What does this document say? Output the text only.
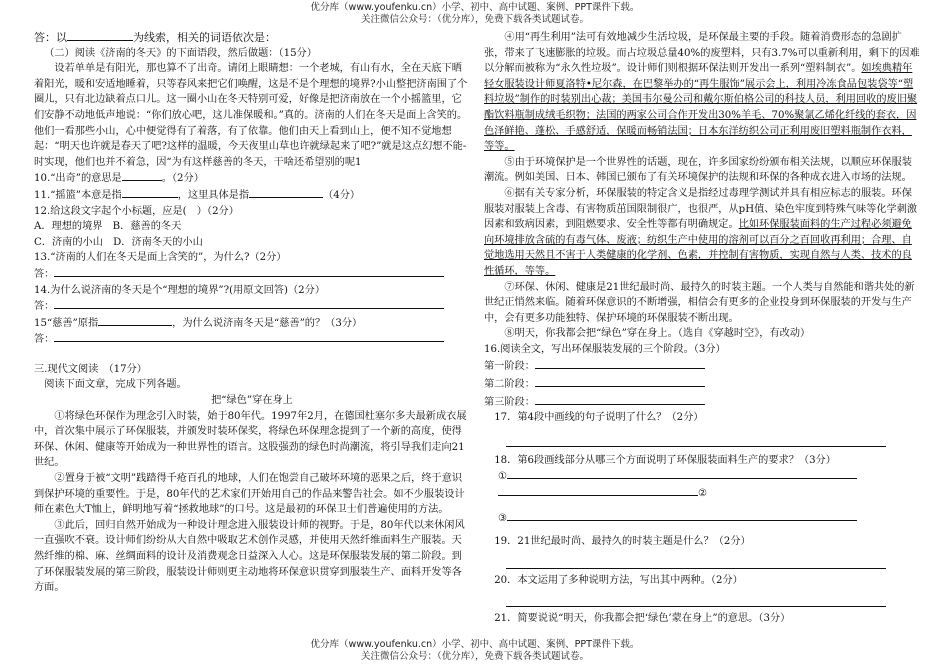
优分库（www.youfenku.cn）小学、初中、高中试题、案例、PPT课件下载。
关注微信公众号：（优分库），免费下载各类试题试卷。

答：以	为线索，相关的词语依次是：

（二）阅读《济南的冬天》的下面语段，然后做题：（15分）

设若单单是有阳光，那也算不了出奇。请闭上眼睛想：一个老城，有山有水，全在天底下晒着阳光，暖和安适地睡着，只等春风来把它们唤醒，这是不是个理想的境界?小山整把济南围了个圈儿，只有北边缺着点口儿。这一圈小山在冬天特别可爱，好像是把济南放在一个小摇篮里，它们安静不动地低声地说：“你们放心吧，这儿准保暖和。”真的。济南的人们在冬天是面上含笑的。他们一看那些小山，心中便觉得有了着落，有了依靠。他们由天上看到山上，便不知不觉地想起：“明天也许就是春天了吧?这样的温暖，今天夜里山草也许就绿起来了吧?”就是这点幻想不能-时实现，他们也并不着急，因“为有这样慈善的冬天，干啥还希望别的呢1

10.“出奇”的意思是	。（2分）

11.“摇篮”本意是指	，这里具体是指	（4分）

12.给这段文字起个小标题，应是(　）（2分）

A．理想的境界　B．慈善的冬天

C．济南的小山　D．济南冬天的小山

13.“济南的人们在冬天是面上含笑的”，为什么?（2分）

答：

14.为什么说济南的冬天是个“理想的境界”?(用原文回答)（2分）

答：

15“慈善”原指	，为什么说济南冬天是“慈善”的？（3分）

答：

三.现代文阅读　（17分）

阅读下面文章，完成下列各题。

把“绿色”穿在身上

①将绿色环保作为理念引入时装，始于80年代。1997年2月，在德国杜塞尔多夫最新成衣展中，首次集中展示了环保服装，并颁发时装环保奖，将绿色环保理念提到了一个新的高度，使得环保、休闲、健康等开始成为一种世界性的语言。这股强劲的绿色时尚潮流，将引导我们走向21世纪。

②置身于被“文明”践踏得千疮百孔的地球，人们在饱尝自己破坏环境的恶果之后，终于意识到保护环境的重要性。于是，80年代的艺术家们开始用自己的作品来警告社会。如不少服装设计师在素色大T恤上，鲜明地写着“拯救地球”的口号。这是最初的环保卫士们普遍使用的方法。

③此后，回归自然开始成为一种设计理念进入服装设计师的视野。于是，80年代以来休闲风一直强吹不衰。设计师们纷纷从大自然中吸取艺术创作灵感，并使用天然纤维面料生产服装。天然纤维的棉、麻、丝绸面料的设计及消费观念日益深入人心。这是环保服装发展的第二阶段。到了环保服装发展的第三阶段，服装设计师则更主动地将环保意识贯穿到服装生产、面料开发等各方面。

④用“再生利用”法可有效地减少生活垃圾，是环保最主要的手段。随着消费形态的急剧扩张，带来了飞速膨胀的垃圾。而占垃圾总量40%的废塑料，只有3.7%可以重新利用，剩下的因难以分解而被称为“永久性垃圾”。设计师们则根据环保法则开发出一系列“塑料制衣”。如埃典精年轻女服装设计师夏洛特•尼尔森，在巴黎举办的“再生服饰”展示会上，利用冷冻食品包装袋等“塑料垃圾”制作的时装别出心裁；美国韦尔曼公司和戴尔斯伯格公司的科技人员，利用回收的废旧聚酯饮料瓶制成绒毛织物；法国的两家公司合作开发出30%羊毛、70%聚氯乙烯化纤线的套衣，因色泽鲜艳、蓬松、手感舒适，保暖而畅销法国；日本东洋纺织公司正利用废旧塑料瓶制作衣料，等等。

⑤由于环境保护是一个世界性的话题，现在，许多国家纷纷颁布相关法规，以顺应环保服装潮流。例如美国、日本、韩国已颁布了有关环境保护的法规和环保的各种成衣进入市场的法规。

⑥据有关专家分析，环保服装的特定含义是指经过毒理学测试并具有相应标志的服装。环保服装对服装上含毒、有害物质茁国限制很广，也很严，从pH值、染色牢度到特殊气味等化学刺激因素和致病因素，到阻燃要求、安全性等都有明确规定。比如环保服装面料的生产过程必须避免向环境排放含硫的有毒气体、废液；纺织生产中使用的溶剂可以百分之百回收再利用；合理、自觉地选用天然且不害于人类健康的化学剂、色素，并控制有害物质，实现自然与人类、技术的良性循环，等等。

⑦环保、休闲、健康是21世纪最时尚、最持久的时装主题。一个人类与自然能和谐共处的新世纪正悄然来临。随着环保意识的不断增强，相信会有更多的企业投身到环保服装的开发与生产中，会有更多功能独特、保护环境的环保服装不断出现。

⑧明天，你我都会把“绿色”穿在身上。（选自《穿越时空》，有改动）

16.阅读全文，写出环保服装发展的三个阶段。（3分）

第一阶段：

第二阶段：

第三阶段：

17．第4段中画线的句子说明了什么？（2分）

18．第6段画线部分从哪三个方面说明了环保服装面料生产的要求？（3分）

①

②

③

19．21世纪最时尚、最持久的时装主题是什么？（2分）

20．本文运用了多种说明方法，写出其中两种。（2分）

21．简要说说“明天，你我都会把‘绿色’蒙在身上”的意思。（3分）

优分库（www.youfenku.cn）小学、初中、高中试题、案例、PPT课件下载。
关注微信公众号：（优分库），免费下载各类试题试卷。
